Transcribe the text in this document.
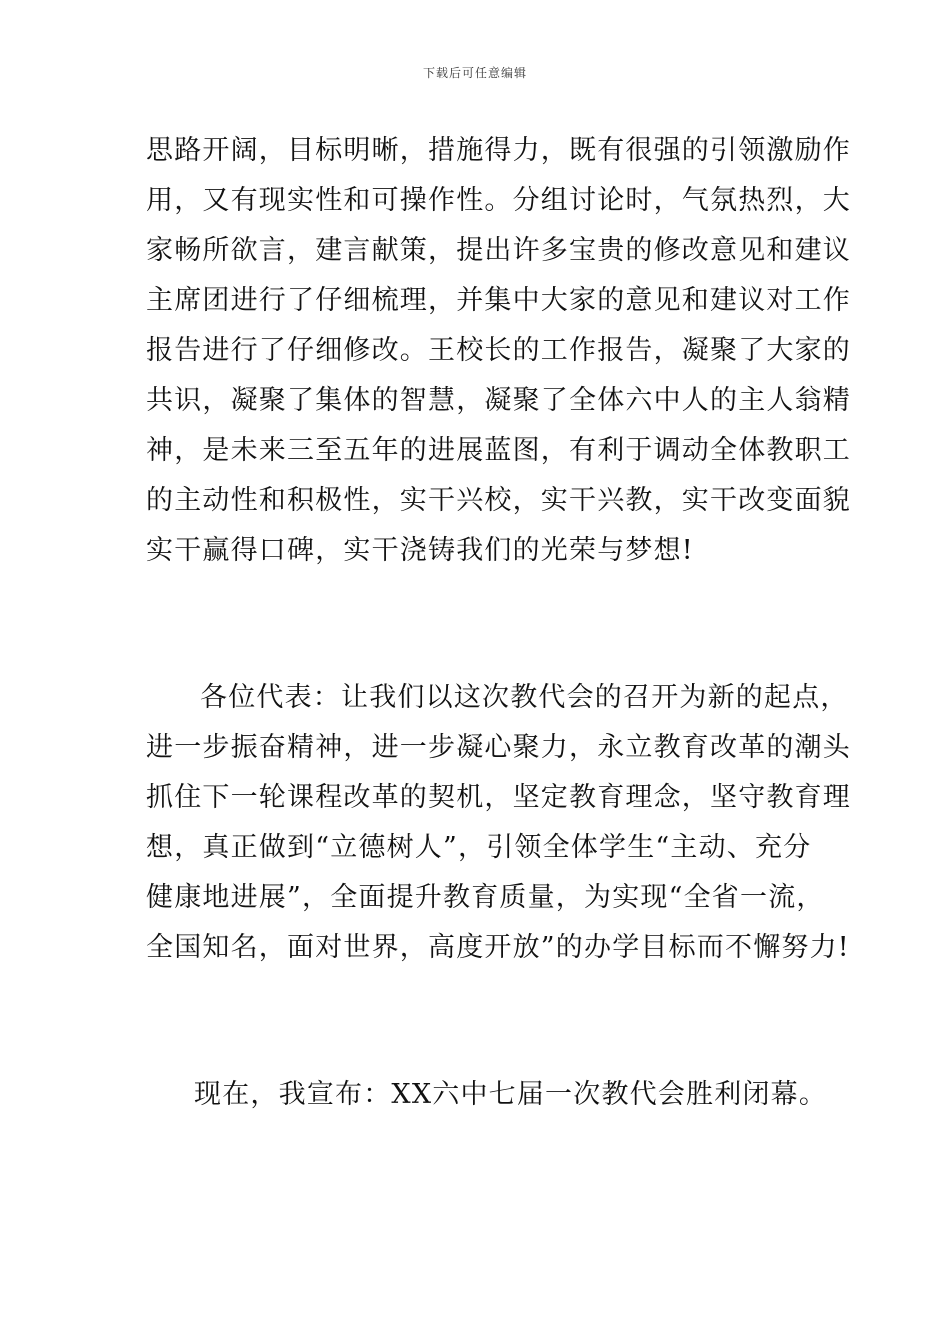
下载后可任意编辑
思路开阔，目标明晰，措施得力，既有很强的引领激励作
用，又有现实性和可操作性。分组讨论时，气氛热烈，大
家畅所欲言，建言献策，提出许多宝贵的修改意见和建议
主席团进行了仔细梳理，并集中大家的意见和建议对工作
报告进行了仔细修改。王校长的工作报告，凝聚了大家的
共识，凝聚了集体的智慧，凝聚了全体六中人的主人翁精
神，是未来三至五年的进展蓝图，有利于调动全体教职工
的主动性和积极性，实干兴校，实干兴教，实干改变面貌
实干赢得口碑，实干浇铸我们的光荣与梦想!
各位代表：让我们以这次教代会的召开为新的起点，
进一步振奋精神，进一步凝心聚力，永立教育改革的潮头
抓住下一轮课程改革的契机，坚定教育理念，坚守教育理
想，真正做到“立德树人”，引领全体学生“主动、充分
健康地进展”，全面提升教育质量，为实现“全省一流，
全国知名，面对世界，高度开放”的办学目标而不懈努力!
现在，我宣布：XX六中七届一次教代会胜利闭幕。
